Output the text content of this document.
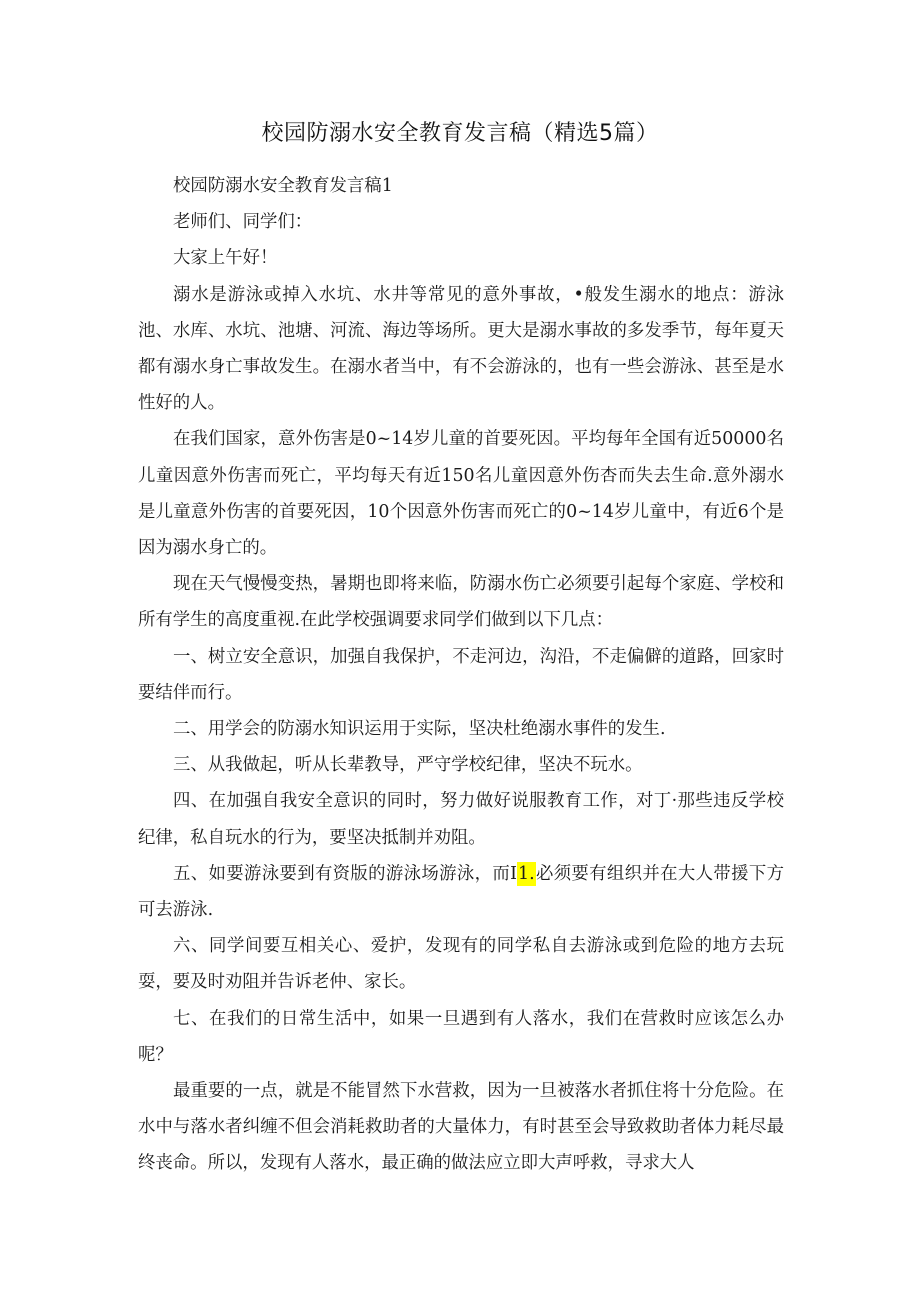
校园防溺水安全教育发言稿（精选5篇）

校园防溺水安全教育发言稿1

老师们、同学们：

大家上午好！

溺水是游泳或掉入水坑、水井等常见的意外事故，•般发生溺水的地点：游泳池、水库、水坑、池塘、河流、海边等场所。更大是溺水事故的多发季节，每年夏天都有溺水身亡事故发生。在溺水者当中，有不会游泳的，也有一些会游泳、甚至是水性好的人。

在我们国家，意外伤害是0~14岁儿童的首要死因。平均每年全国有近50000名儿童因意外伤害而死亡，平均每天有近150名儿童因意外伤杏而失去生命.意外溺水是儿童意外伤害的首要死因，10个因意外伤害而死亡的0~14岁儿童中，有近6个是因为溺水身亡的。

现在天气慢慢变热，暑期也即将来临，防溺水伤亡必须要引起每个家庭、学校和所有学生的高度重视.在此学校强调要求同学们做到以下几点：

一、树立安全意识，加强自我保护，不走河边，沟沿，不走偏僻的道路，回家时要结伴而行。

二、用学会的防溺水知识运用于实际，坚决杜绝溺水事件的发生.

三、从我做起，听从长辈教导，严守学校纪律，坚决不玩水。

四、在加强自我安全意识的同时，努力做好说服教育工作，对丁·那些违反学校纪律，私自玩水的行为，要坚决抵制并劝阻。

五、如要游泳要到有资版的游泳场游泳，而I1.必须要有组织并在大人带援下方可去游泳.

六、同学间要互相关心、爱护，发现有的同学私自去游泳或到危险的地方去玩耍，要及时劝阻并告诉老仲、家长。

七、在我们的日常生活中，如果一旦遇到有人落水，我们在营救时应该怎么办呢？

最重要的一点，就是不能冒然下水营救，因为一旦被落水者抓住将十分危险。在水中与落水者纠缠不但会消耗救助者的大量体力，有时甚至会导致救助者体力耗尽最终丧命。所以，发现有人落水，最正确的做法应立即大声呼救，寻求大人
